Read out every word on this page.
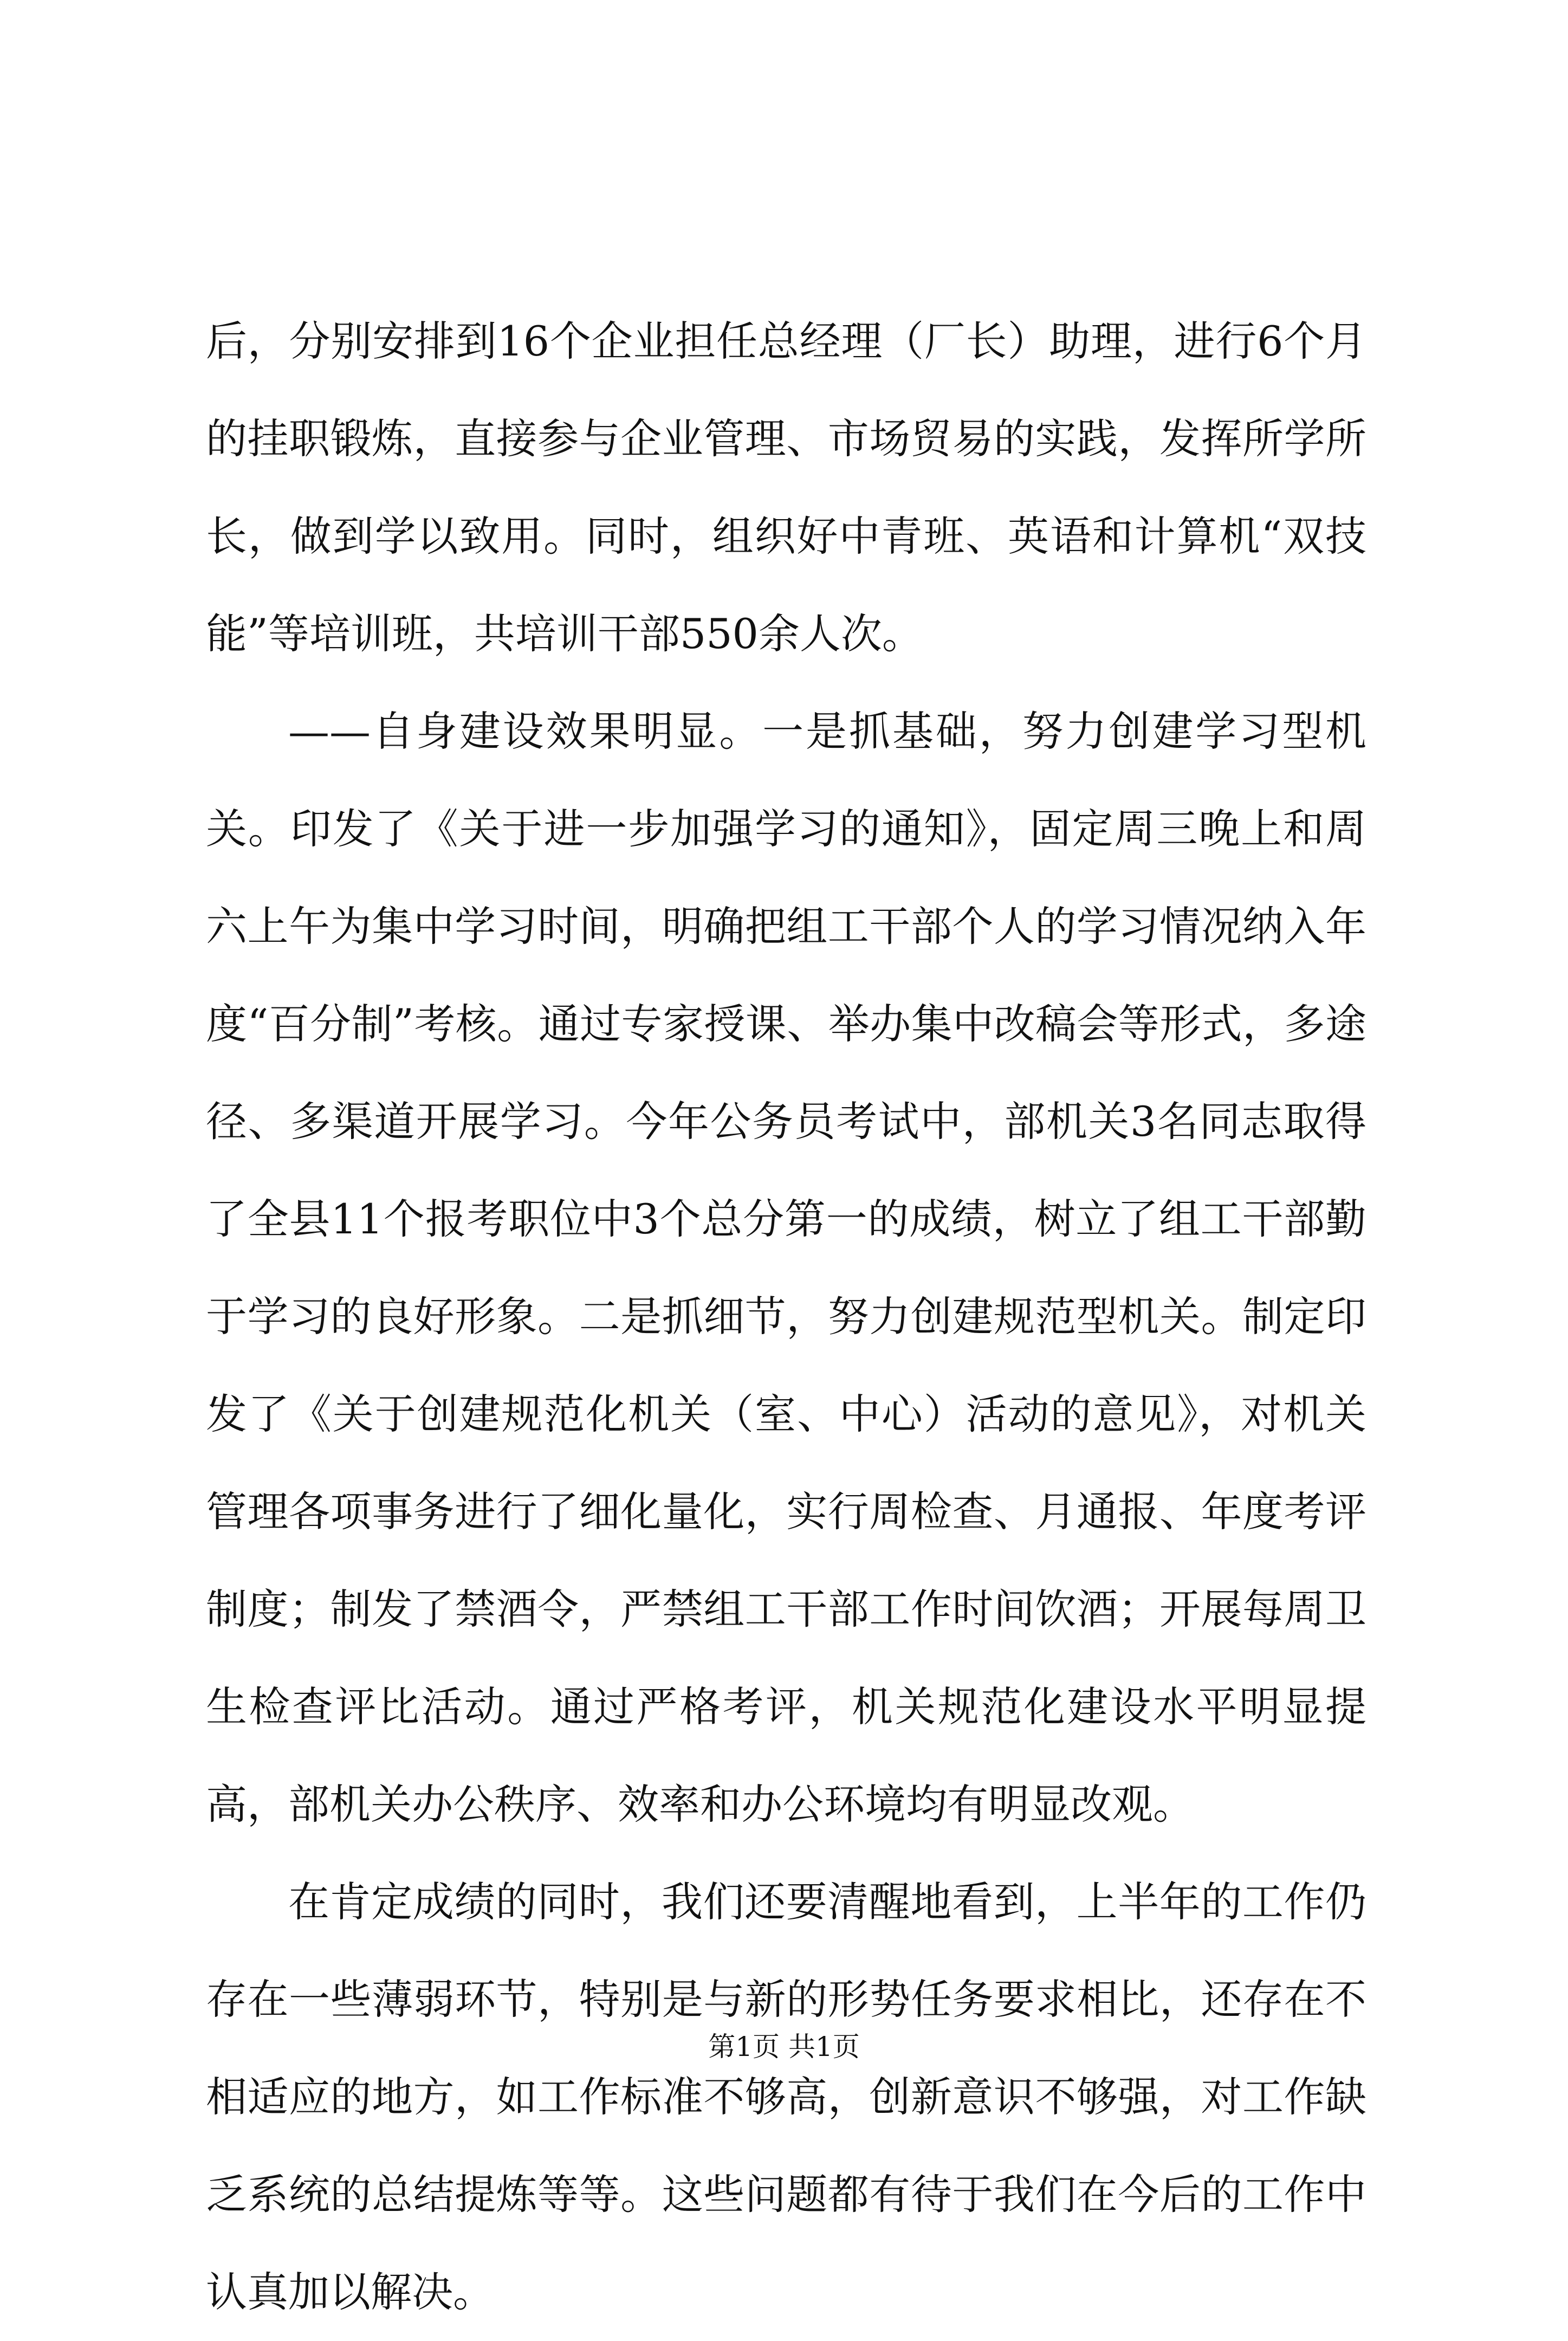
后，分别安排到16个企业担任总经理（厂长）助理，进行6个月的挂职锻炼，直接参与企业管理、市场贸易的实践，发挥所学所长，做到学以致用。同时，组织好中青班、英语和计算机“双技能”等培训班，共培训干部550余人次。

——自身建设效果明显。一是抓基础，努力创建学习型机关。印发了《关于进一步加强学习的通知》，固定周三晚上和周六上午为集中学习时间，明确把组工干部个人的学习情况纳入年度“百分制”考核。通过专家授课、举办集中改稿会等形式，多途径、多渠道开展学习。今年公务员考试中，部机关3名同志取得了全县11个报考职位中3个总分第一的成绩，树立了组工干部勤于学习的良好形象。二是抓细节，努力创建规范型机关。制定印发了《关于创建规范化机关（室、中心）活动的意见》，对机关管理各项事务进行了细化量化，实行周检查、月通报、年度考评制度；制发了禁酒令，严禁组工干部工作时间饮酒；开展每周卫生检查评比活动。通过严格考评，机关规范化建设水平明显提高，部机关办公秩序、效率和办公环境均有明显改观。

在肯定成绩的同时，我们还要清醒地看到，上半年的工作仍存在一些薄弱环节，特别是与新的形势任务要求相比，还存在不相适应的地方，如工作标准不够高，创新意识不够强，对工作缺乏系统的总结提炼等等。这些问题都有待于我们在今后的工作中认真加以解决。

第1页 共1页
